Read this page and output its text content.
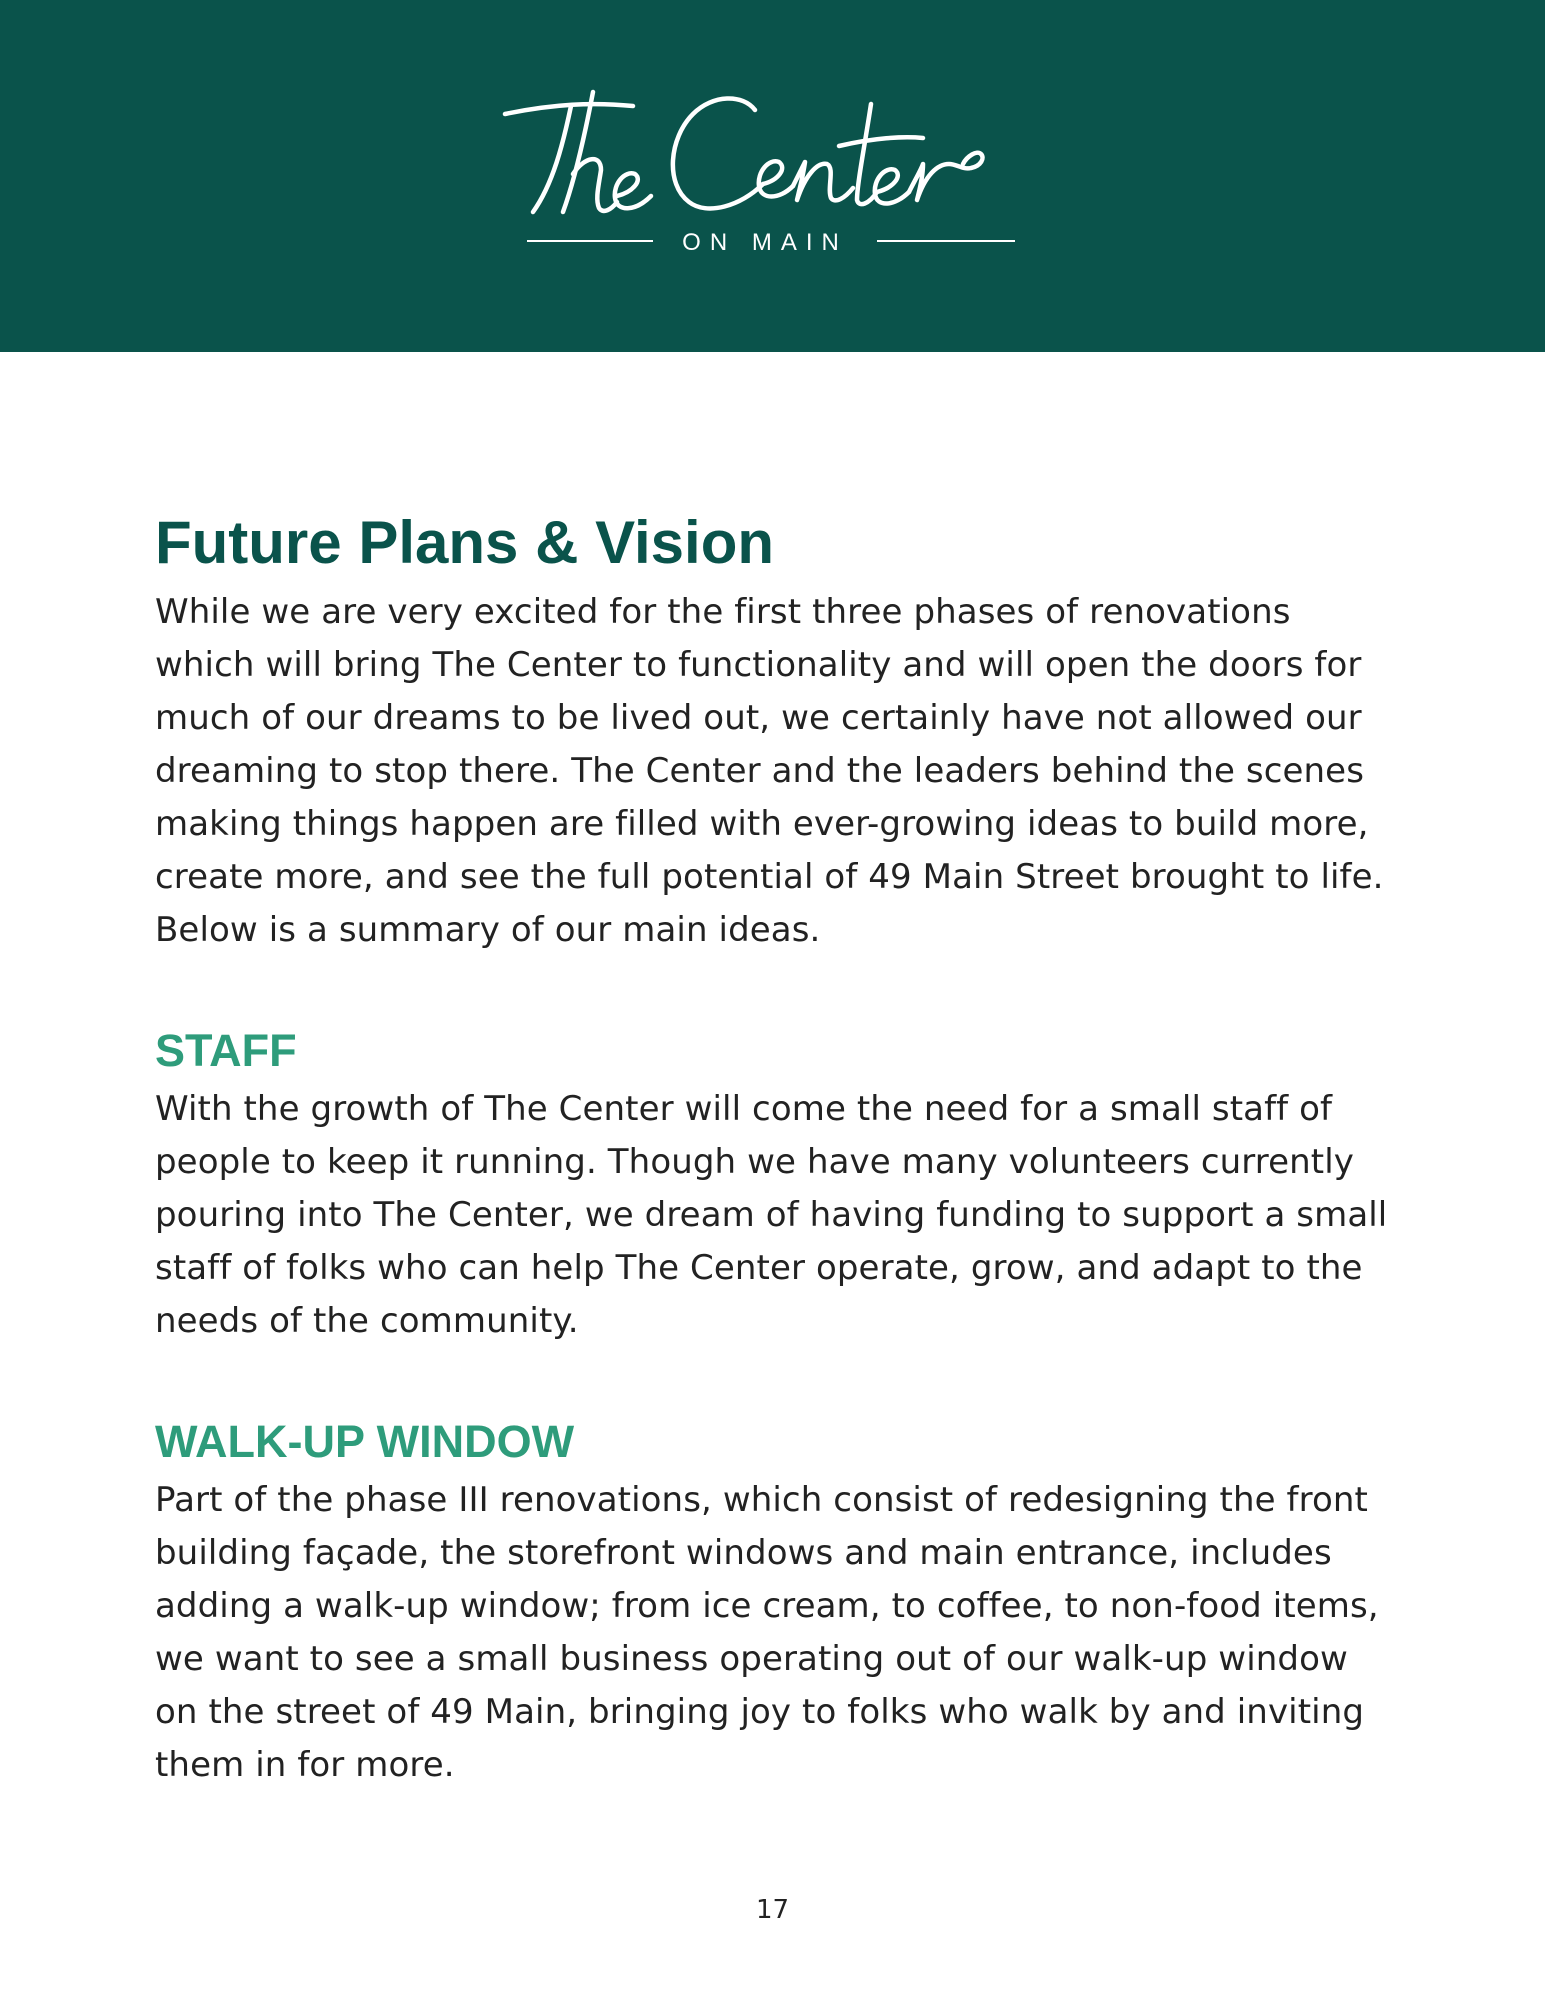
ON MAIN
Future Plans & Vision

While we are very excited for the first three phases of renovations which will bring The Center to functionality and will open the doors for much of our dreams to be lived out, we certainly have not allowed our dreaming to stop there. The Center and the leaders behind the scenes making things happen are filled with ever-growing ideas to build more, create more, and see the full potential of 49 Main Street brought to life. Below is a summary of our main ideas.

STAFF

With the growth of The Center will come the need for a small staff of people to keep it running. Though we have many volunteers currently pouring into The Center, we dream of having funding to support a small staff of folks who can help The Center operate, grow, and adapt to the needs of the community.

WALK-UP WINDOW

Part of the phase III renovations, which consist of redesigning the front building façade, the storefront windows and main entrance, includes adding a walk-up window; from ice cream, to coffee, to non-food items, we want to see a small business operating out of our walk-up window on the street of 49 Main, bringing joy to folks who walk by and inviting them in for more.

17
